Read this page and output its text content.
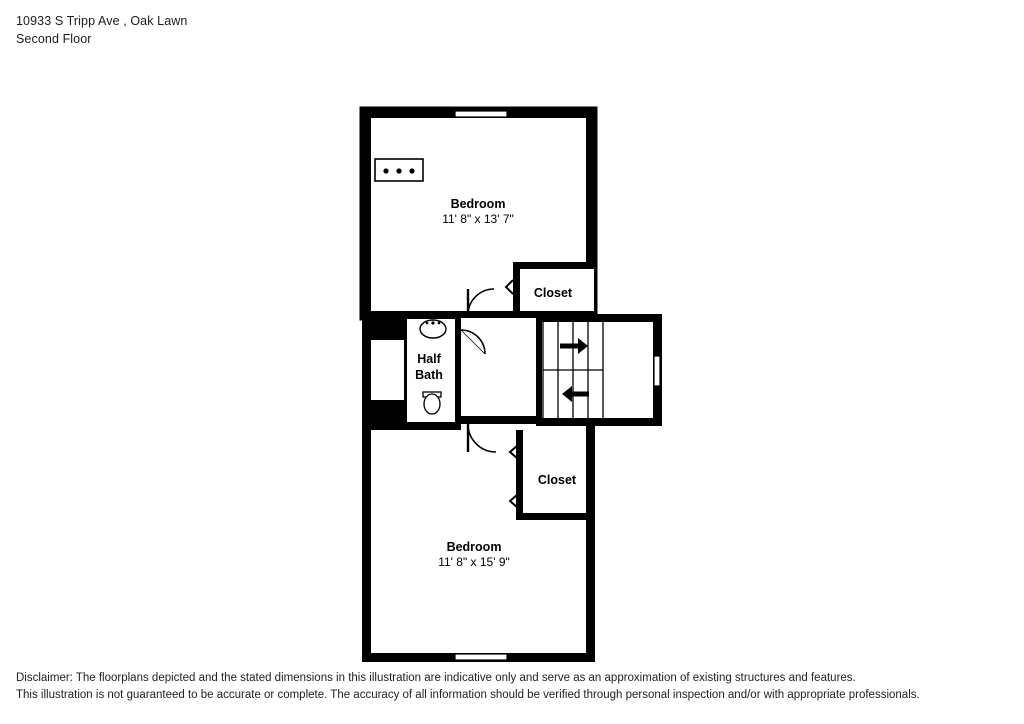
10933 S Tripp Ave , Oak Lawn
Second Floor
Bedroom
11' 8" x 13' 7"
Closet
Half
Bath
Closet
Bedroom
11' 8" x 15' 9"
Disclaimer: The floorplans depicted and the stated dimensions in this illustration are indicative only and serve as an approximation of existing structures and features.
This illustration is not guaranteed to be accurate or complete. The accuracy of all information should be verified through personal inspection and/or with appropriate professionals.
